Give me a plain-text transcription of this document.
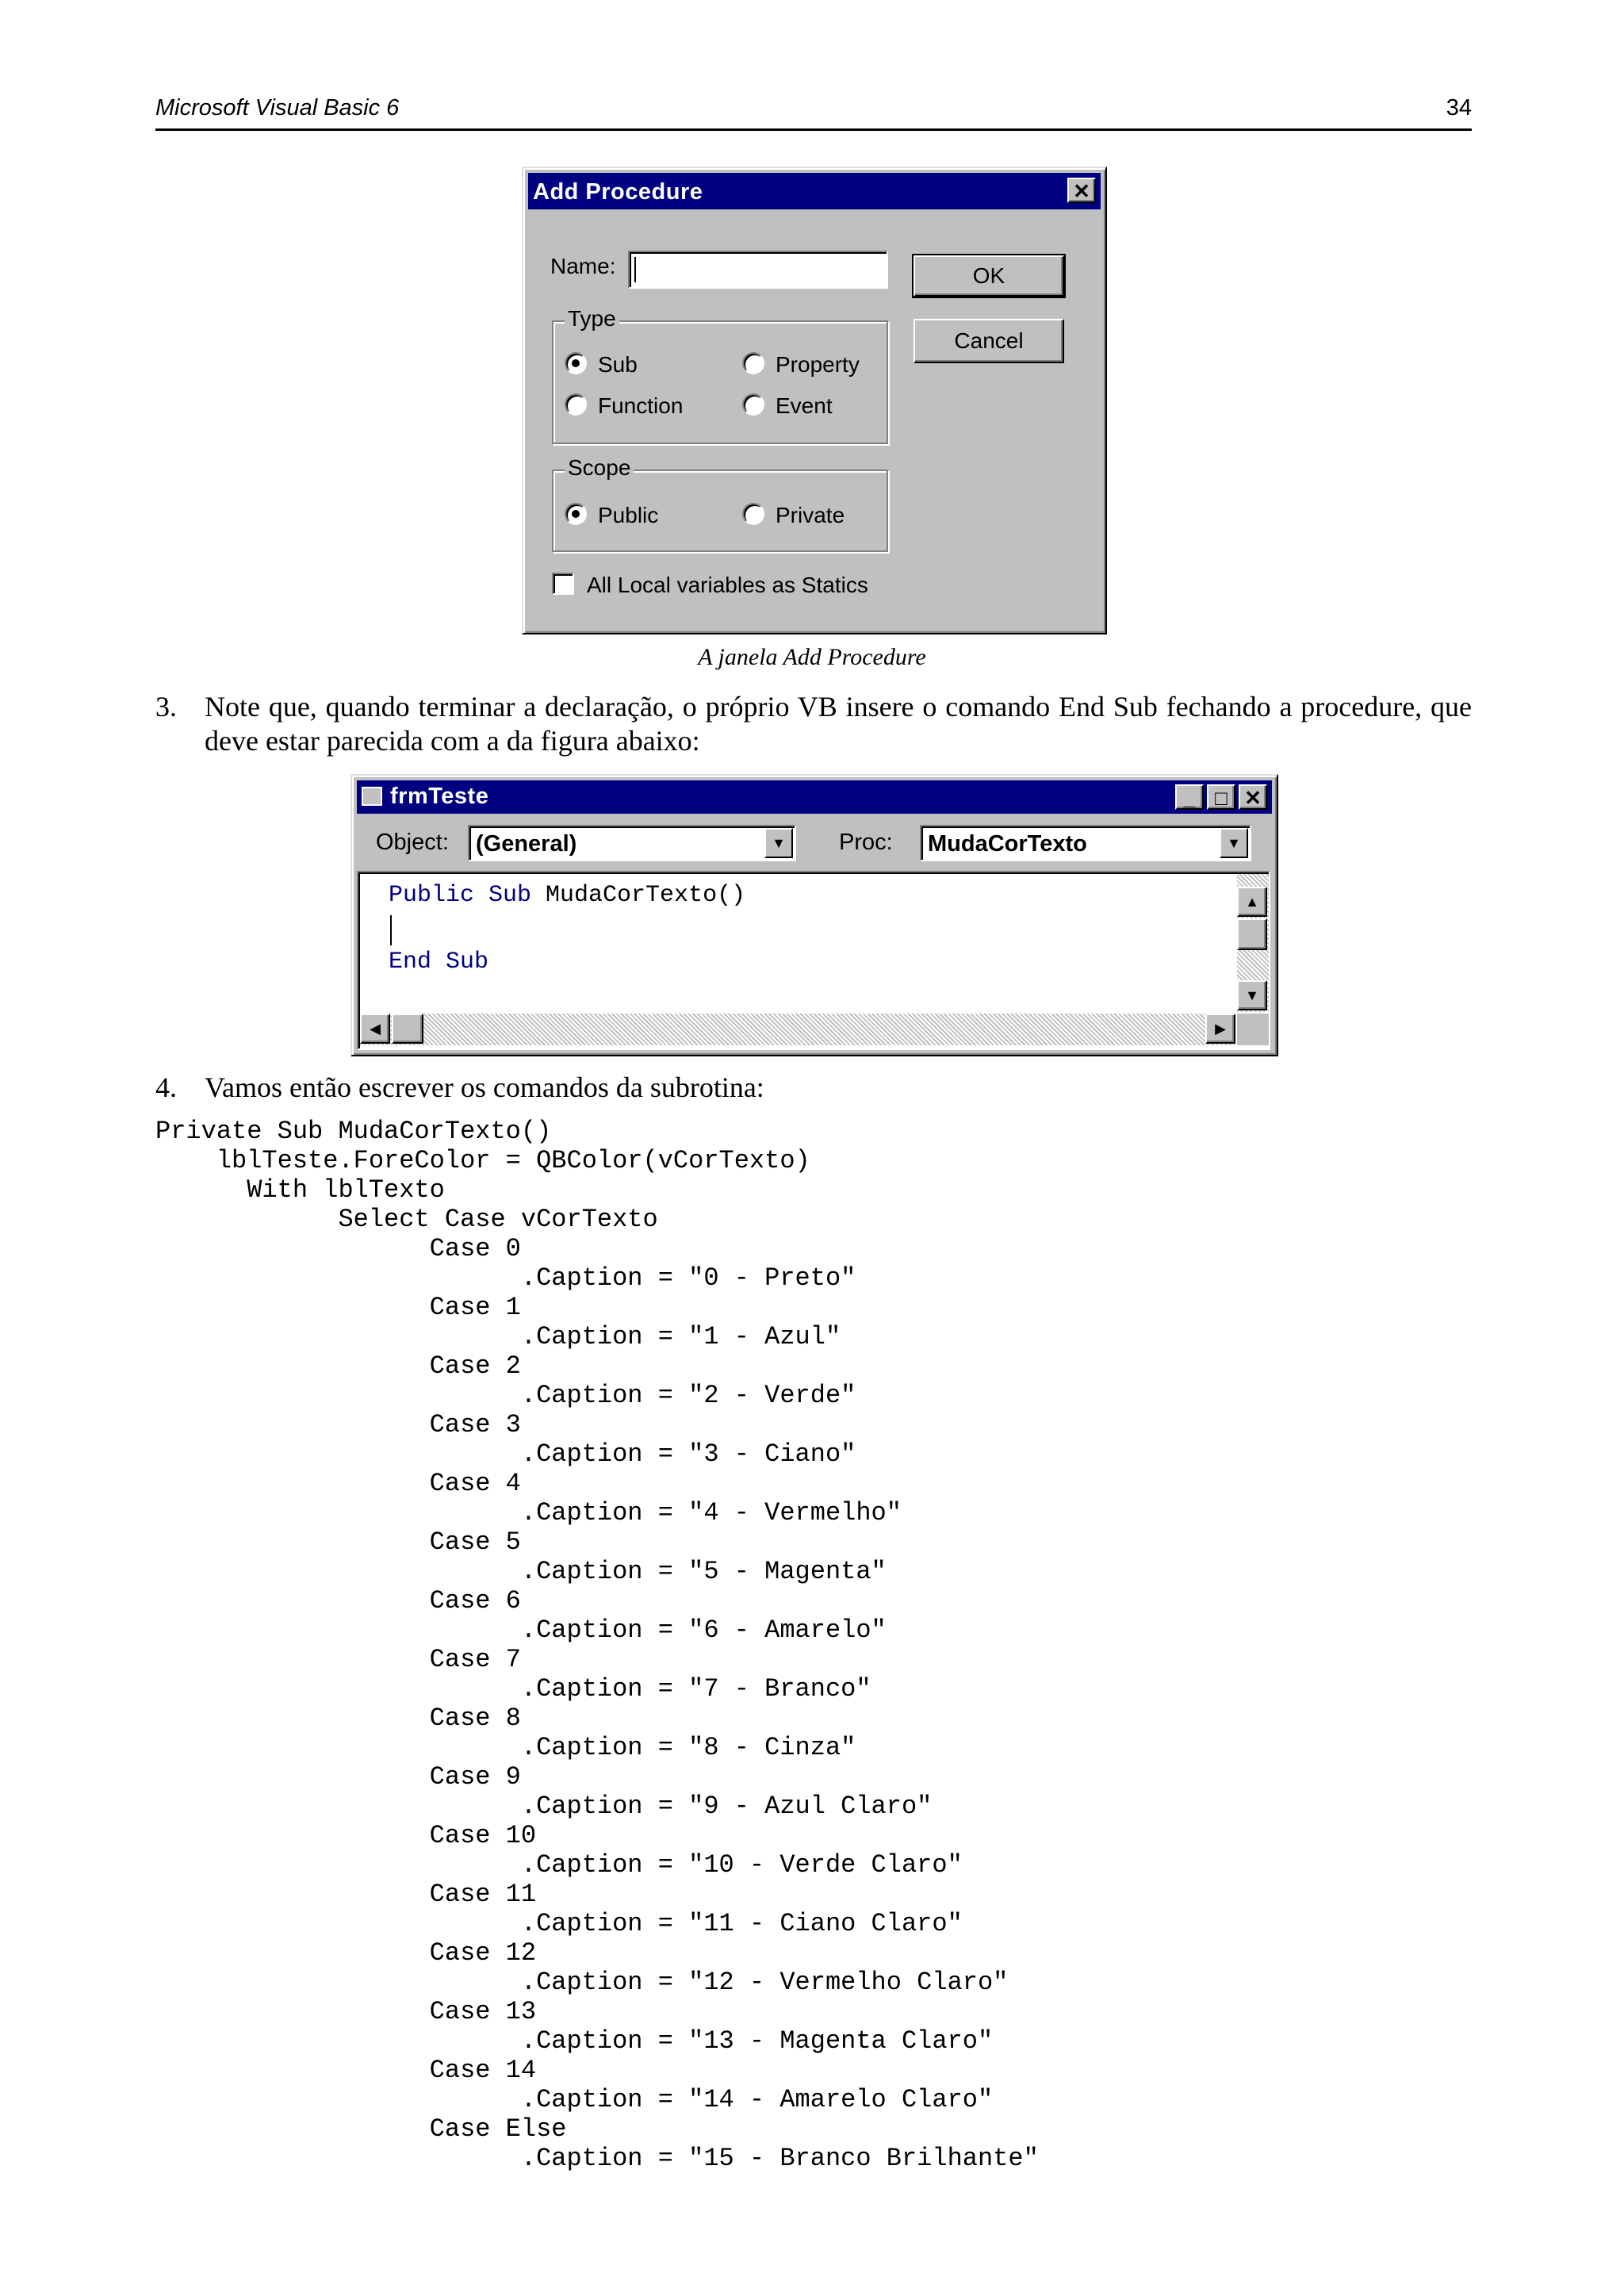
Microsoft Visual Basic 6	34
Add Procedure	✕
Name:	OK
Cancel
Type
Sub	Property
Function	Event
Scope
Public	Private
All Local variables as Statics
A janela Add Procedure
3. Note que, quando terminar a declaração, o próprio VB insere o comando End Sub fechando a procedure, que deve estar parecida com a da figura abaixo:
frmTeste	_ □ ✕
Object: (General)	▼	Proc: MudaCorTexto	▼
Public Sub MudaCorTexto()
End Sub
▲
▼
◀	▶
4. Vamos então escrever os comandos da subrotina:
Private Sub MudaCorTexto()
lblTeste.ForeColor = QBColor(vCorTexto)
With lblTexto
Select Case vCorTexto
Case 0
.Caption = "0 - Preto"
Case 1
.Caption = "1 - Azul"
Case 2
.Caption = "2 - Verde"
Case 3
.Caption = "3 - Ciano"
Case 4
.Caption = "4 - Vermelho"
Case 5
.Caption = "5 - Magenta"
Case 6
.Caption = "6 - Amarelo"
Case 7
.Caption = "7 - Branco"
Case 8
.Caption = "8 - Cinza"
Case 9
.Caption = "9 - Azul Claro"
Case 10
.Caption = "10 - Verde Claro"
Case 11
.Caption = "11 - Ciano Claro"
Case 12
.Caption = "12 - Vermelho Claro"
Case 13
.Caption = "13 - Magenta Claro"
Case 14
.Caption = "14 - Amarelo Claro"
Case Else
.Caption = "15 - Branco Brilhante"
